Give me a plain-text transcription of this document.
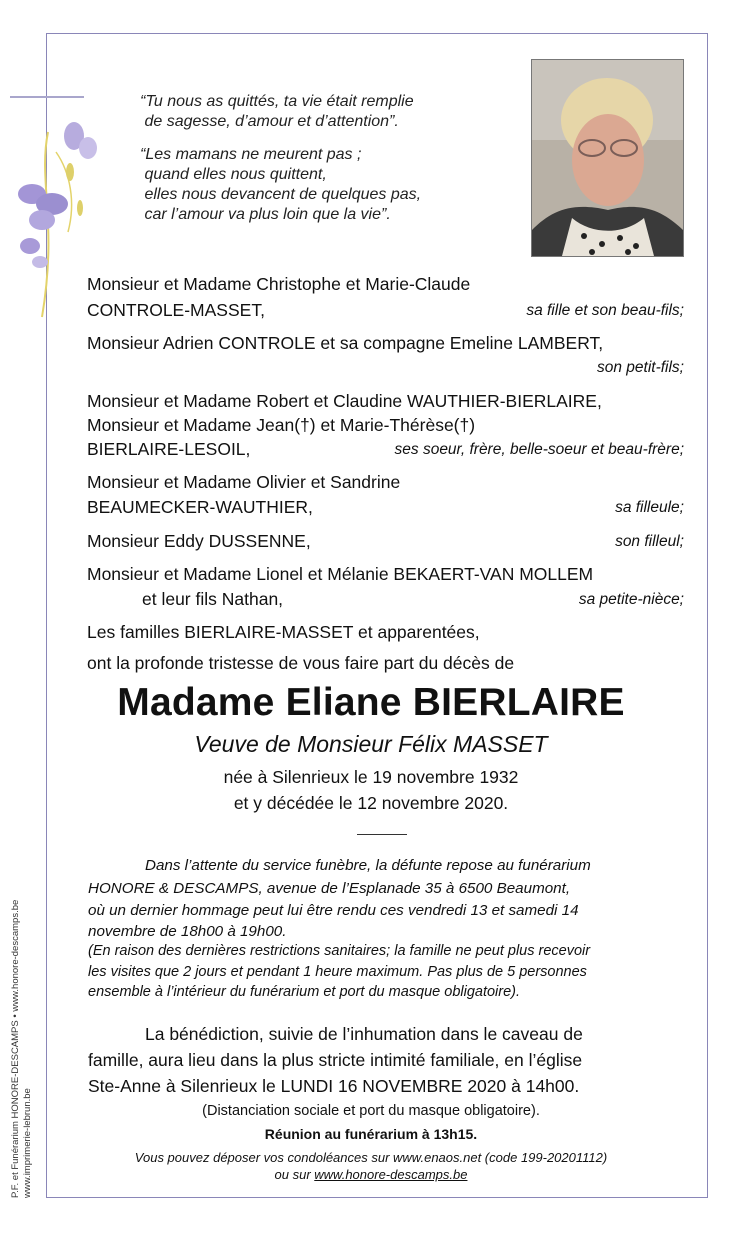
“Tu nous as quittés, ta vie était remplie
de sagesse, d’amour et d’attention”.
“Les mamans ne meurent pas ;
quand elles nous quittent,
elles nous devancent de quelques pas,
car l’amour va plus loin que la vie”.
Monsieur et Madame Christophe et Marie-Claude
CONTROLE-MASSET,	sa fille et son beau-fils;
Monsieur Adrien CONTROLE et sa compagne Emeline LAMBERT,
son petit-fils;
Monsieur et Madame Robert et Claudine WAUTHIER-BIERLAIRE,
Monsieur et Madame Jean(†) et Marie-Thérèse(†)
BIERLAIRE-LESOIL,	ses soeur, frère, belle-soeur et beau-frère;
Monsieur et Madame Olivier et Sandrine
BEAUMECKER-WAUTHIER,	sa filleule;
Monsieur Eddy DUSSENNE,	son filleul;
Monsieur et Madame Lionel et Mélanie BEKAERT-VAN MOLLEM
et leur fils Nathan,	sa petite-nièce;
Les familles BIERLAIRE-MASSET et apparentées,
ont la profonde tristesse de vous faire part du décès de
Madame Eliane BIERLAIRE
Veuve de Monsieur Félix MASSET
née à Silenrieux le 19 novembre 1932
et y décédée le 12 novembre 2020.
Dans l’attente du service funèbre, la défunte repose au funérarium
HONORE & DESCAMPS, avenue de l’Esplanade 35 à 6500 Beaumont,
où un dernier hommage peut lui être rendu ces vendredi 13 et samedi 14
novembre de 18h00 à 19h00.
(En raison des dernières restrictions sanitaires; la famille ne peut plus recevoir
les visites que 2 jours et pendant 1 heure maximum. Pas plus de 5 personnes
ensemble à l’intérieur du funérarium et port du masque obligatoire).
La bénédiction, suivie de l’inhumation dans le caveau de
famille, aura lieu dans la plus stricte intimité familiale, en l’église
Ste-Anne à Silenrieux le LUNDI 16 NOVEMBRE 2020 à 14h00.
(Distanciation sociale et port du masque obligatoire).
Réunion au funérarium à 13h15.
Vous pouvez déposer vos condoléances sur www.enaos.net (code 199-20201112)
ou sur www.honore-descamps.be
P.F. et Funérarium HONORE-DESCAMPS • www.honore-descamps.be www.imprimerie-lebrun.be
